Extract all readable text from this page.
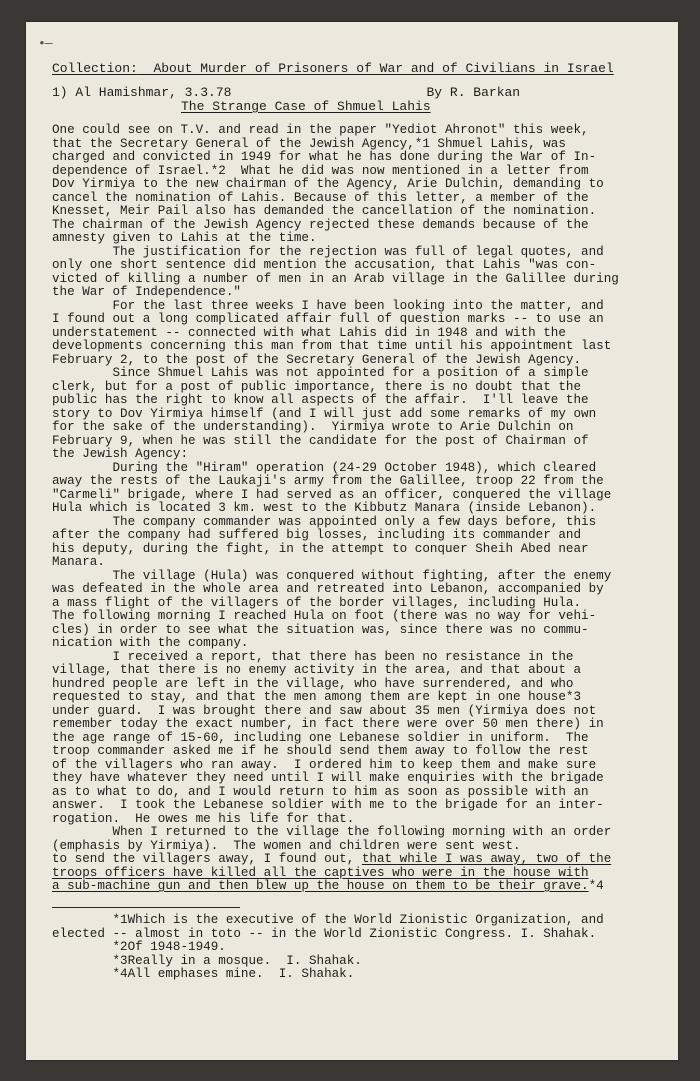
•—
Collection: About Murder of Prisoners of War and of Civilians in Israel
1) Al Hamishmar, 3.3.78	By R. Barkan
The Strange Case of Shmuel Lahis
One could see on T.V. and read in the paper "Yediot Ahronot" this week,
that the Secretary General of the Jewish Agency,*1 Shmuel Lahis, was
charged and convicted in 1949 for what he has done during the War of In-
dependence of Israel.*2  What he did was now mentioned in a letter from
Dov Yirmiya to the new chairman of the Agency, Arie Dulchin, demanding to
cancel the nomination of Lahis. Because of this letter, a member of the
Knesset, Meir Pail also has demanded the cancellation of the nomination.
The chairman of the Jewish Agency rejected these demands because of the
amnesty given to Lahis at the time.
The justification for the rejection was full of legal quotes, and
only one short sentence did mention the accusation, that Lahis "was con-
victed of killing a number of men in an Arab village in the Galillee during
the War of Independence."
For the last three weeks I have been looking into the matter, and
I found out a long complicated affair full of question marks -- to use an
understatement -- connected with what Lahis did in 1948 and with the
developments concerning this man from that time until his appointment last
February 2, to the post of the Secretary General of the Jewish Agency.
Since Shmuel Lahis was not appointed for a position of a simple
clerk, but for a post of public importance, there is no doubt that the
public has the right to know all aspects of the affair.  I'll leave the
story to Dov Yirmiya himself (and I will just add some remarks of my own
for the sake of the understanding).  Yirmiya wrote to Arie Dulchin on
February 9, when he was still the candidate for the post of Chairman of
the Jewish Agency:
During the "Hiram" operation (24-29 October 1948), which cleared
away the rests of the Laukaji's army from the Galillee, troop 22 from the
"Carmeli" brigade, where I had served as an officer, conquered the village
Hula which is located 3 km. west to the Kibbutz Manara (inside Lebanon).
The company commander was appointed only a few days before, this
after the company had suffered big losses, including its commander and
his deputy, during the fight, in the attempt to conquer Sheih Abed near
Manara.
The village (Hula) was conquered without fighting, after the enemy
was defeated in the whole area and retreated into Lebanon, accompanied by
a mass flight of the villagers of the border villages, including Hula.
The following morning I reached Hula on foot (there was no way for vehi-
cles) in order to see what the situation was, since there was no commu-
nication with the company.
I received a report, that there has been no resistance in the
village, that there is no enemy activity in the area, and that about a
hundred people are left in the village, who have surrendered, and who
requested to stay, and that the men among them are kept in one house*3
under guard.  I was brought there and saw about 35 men (Yirmiya does not
remember today the exact number, in fact there were over 50 men there) in
the age range of 15-60, including one Lebanese soldier in uniform.  The
troop commander asked me if he should send them away to follow the rest
of the villagers who ran away.  I ordered him to keep them and make sure
they have whatever they need until I will make enquiries with the brigade
as to what to do, and I would return to him as soon as possible with an
answer.  I took the Lebanese soldier with me to the brigade for an inter-
rogation.  He owes me his life for that.
When I returned to the village the following morning with an order
(emphasis by Yirmiya).  The women and children were sent west.
to send the villagers away, I found out, that while I was away, two of the
troops officers have killed all the captives who were in the house with
a sub-machine gun and then blew up the house on them to be their grave.*4
*1Which is the executive of the World Zionistic Organization, and
elected -- almost in toto -- in the World Zionistic Congress. I. Shahak.
*2Of 1948-1949.
*3Really in a mosque.  I. Shahak.
*4All emphases mine.  I. Shahak.
